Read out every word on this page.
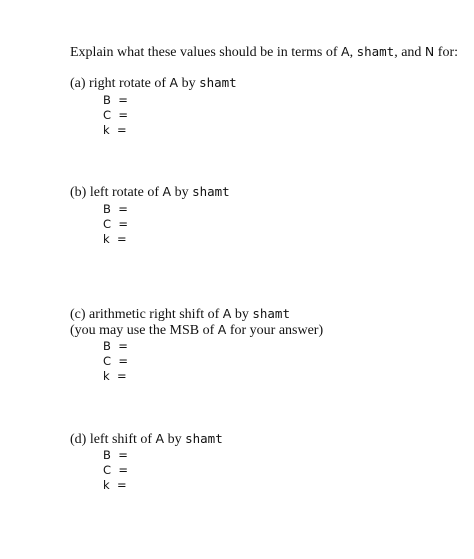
Explain what these values should be in terms of A, shamt, and N for:
(a) right rotate of A by shamt
B  =
C  =
k  =
(b) left rotate of A by shamt
B  =
C  =
k  =
(c) arithmetic right shift of A by shamt
(you may use the MSB of A for your answer)
B  =
C  =
k  =
(d) left shift of A by shamt
B  =
C  =
k  =
